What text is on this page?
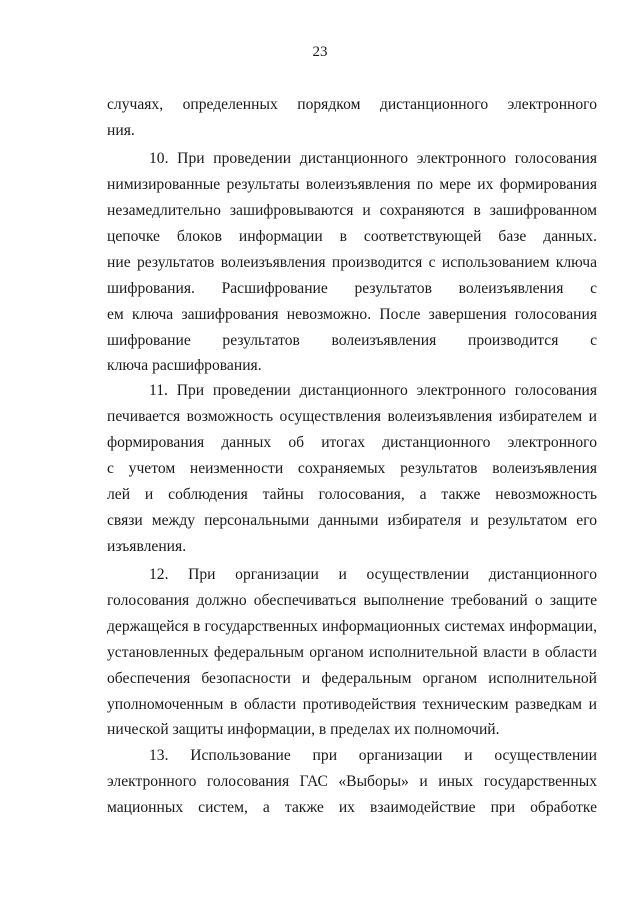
23
случаях, определенных порядком дистанционного электронного
ния.
10. При проведении дистанционного электронного голосования
нимизированные результаты волеизъявления по мере их формирования
незамедлительно зашифровываются и сохраняются в зашифрованном
цепочке блоков информации в соответствующей базе данных.
ние результатов волеизъявления производится с использованием ключа
шифрования. Расшифрование результатов волеизъявления с
ем ключа зашифрования невозможно. После завершения голосования
шифрование результатов волеизъявления производится с
ключа расшифрования.
11. При проведении дистанционного электронного голосования
печивается возможность осуществления волеизъявления избирателем и
формирования данных об итогах дистанционного электронного
с учетом неизменности сохраняемых результатов волеизъявления
лей и соблюдения тайны голосования, а также невозможность
связи между персональными данными избирателя и результатом его
изъявления.
12. При организации и осуществлении дистанционного
голосования должно обеспечиваться выполнение требований о защите
держащейся в государственных информационных системах информации,
установленных федеральным органом исполнительной власти в области
обеспечения безопасности и федеральным органом исполнительной
уполномоченным в области противодействия техническим разведкам и
нической защиты информации, в пределах их полномочий.
13. Использование при организации и осуществлении
электронного голосования ГАС «Выборы» и иных государственных
мационных систем, а также их взаимодействие при обработке
